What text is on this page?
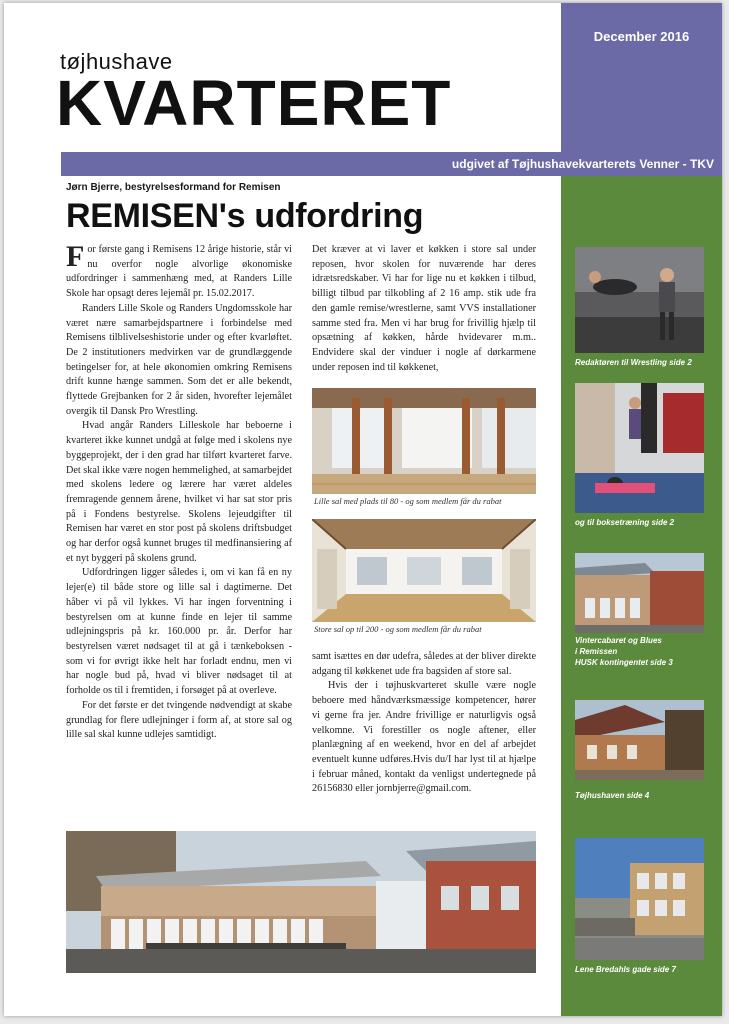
December 2016
tøjhushave
KVARTERET
udgivet af Tøjhushavekvarterets Venner - TKV
Jørn Bjerre, bestyrelsesformand for Remisen
REMISEN's udfordring

For første gang i Remisens 12 årige historie, står vi nu overfor nogle alvorlige økonomiske udfordringer i sammenhæng med, at Randers Lille Skole har opsagt deres lejemål pr. 15.02.2017.

Randers Lille Skole og Randers Ungdomsskole har været nære samarbejdspartnere i forbindelse med Remisens tilblivelseshistorie under og efter kvarløftet. De 2 institutioners medvirken var de grundlæggende betingelser for, at hele økonomien omkring Remisens drift kunne hænge sammen. Som det er alle bekendt, flyttede Grejbanken for 2 år siden, hvorefter lejemålet overgik til Dansk Pro Wrestling.

Hvad angår Randers Lilleskole har beboerne i kvarteret ikke kunnet undgå at følge med i skolens nye byggeprojekt, der i den grad har tilført kvarteret farve. Det skal ikke være nogen hemmelighed, at samarbejdet med skolens ledere og lærere har været aldeles fremragende gennem årene, hvilket vi har sat stor pris på i Fondens bestyrelse. Skolens lejeudgifter til Remisen har været en stor post på skolens driftsbudget og har derfor også kunnet bruges til medfinansiering af et nyt byggeri på skolens grund.

Udfordringen ligger således i, om vi kan få en ny lejer(e) til både store og lille sal i dagtimerne. Det håber vi på vil lykkes. Vi har ingen forventning i bestyrelsen om at kunne finde en lejer til samme udlejningspris på kr. 160.000 pr. år. Derfor har bestyrelsen været nødsaget til at gå i tænkeboksen - som vi for øvrigt ikke helt har forladt endnu, men vi har nogle bud på, hvad vi bliver nødsaget til at forholde os til i fremtiden, i forsøget på at overleve.

For det første er det tvingende nødvendigt at skabe grundlag for flere udlejninger i form af, at store sal og lille sal skal kunne udlejes samtidigt.

Det kræver at vi laver et køkken i store sal under reposen, hvor skolen for nuværende har deres idrætsredskaber. Vi har for lige nu et køkken i tilbud, billigt tilbud par tilkobling af 2 16 amp. stik ude fra den gamle remise/wrestlerne, samt VVS installationer samme sted fra. Men vi har brug for frivillig hjælp til opsætning af køkken, hårde hvidevarer m.m.. Endvidere skal der vinduer i nogle af dørkarmene under reposen ind til køkkenet,

Lille sal med plads til 80 - og som medlem får du rabat
Store sal op til 200 - og som medlem får du rabat

samt isættes en dør udefra, således at der bliver direkte adgang til køkkenet ude fra bagsiden af store sal.

Hvis der i tøjhuskvarteret skulle være nogle beboere med håndværksmæssige kompetencer, hører vi gerne fra jer. Andre frivillige er naturligvis også velkomne. Vi forestiller os nogle aftener, eller planlægning af en weekend, hvor en del af arbejdet eventuelt kunne udføres.Hvis du/I har lyst til at hjælpe i februar måned, kontakt da venligst undertegnede på 26156830 eller jornbjerre@gmail.com.

Redaktøren til Wrestling side 2
og til boksetræning side 2
Vintercabaret og Blues
i Remissen
HUSK kontingentet side 3
Tøjhushaven side 4
Lene Bredahls gade side 7
